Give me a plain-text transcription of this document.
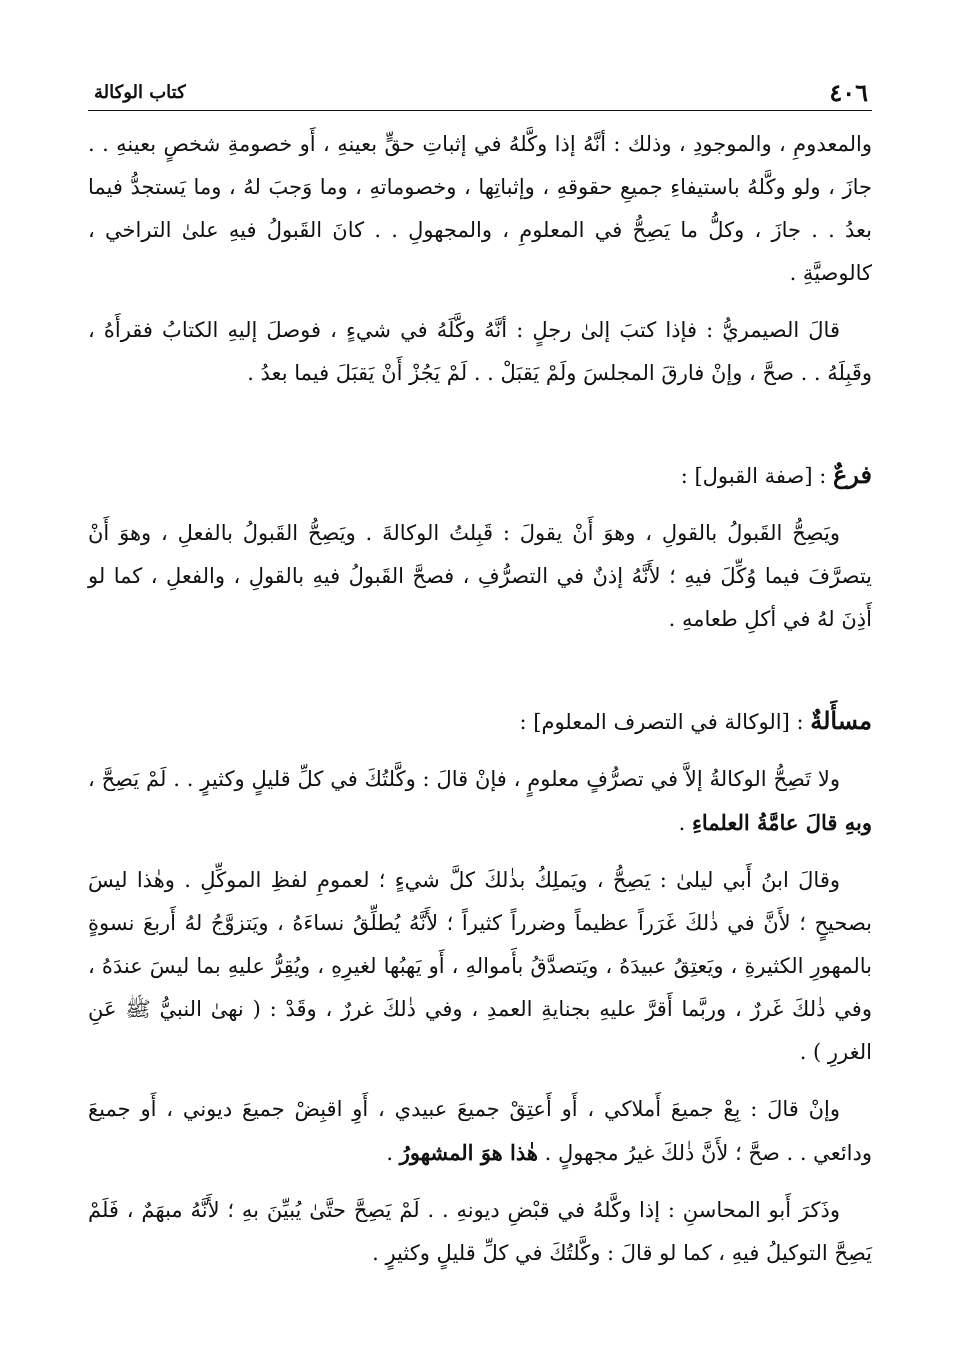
٤٠٦
كتاب الوكالة

والمعدومِ ، والموجودِ ، وذلك : أنَّهُ إذا وكَّلهُ في إثباتِ حقٍّ بعينهِ ، أَو خصومةِ شخصٍ بعينهِ . . جازَ ، ولو وكَّلهُ باستيفاءِ جميعِ حقوقهِ ، وإثباتِها ، وخصوماتهِ ، وما وَجبَ لهُ ، وما يَستجدُّ فيما بعدُ . . جازَ ، وكلُّ ما يَصِحُّ في المعلومِ ، والمجهولِ . . كانَ القَبولُ فيهِ علىٰ التراخي ، كالوصيَّةِ .

قالَ الصيمريُّ : فإذا كتبَ إلىٰ رجلٍ : أنَّهُ وكَّلَهُ في شيءٍ ، فوصلَ إليهِ الكتابُ فقرأَهُ ، وقَبِلَهُ . . صحَّ ، وإنْ فارقَ المجلسَ ولَمْ يَقبَلْ . . لَمْ يَجُزْ أَنْ يَقبَلَ فيما بعدُ .

فرعٌ : [صفة القبول] :

ويَصِحُّ القَبولُ بالقولِ ، وهوَ أَنْ يقولَ : قَبِلتُ الوكالةَ . ويَصِحُّ القَبولُ بالفعلِ ، وهوَ أَنْ يتصرَّفَ فيما وُكِّلَ فيهِ ؛ لأَنَّهُ إذنٌ في التصرُّفِ ، فصحَّ القَبولُ فيهِ بالقولِ ، والفعلِ ، كما لو أَذِنَ لهُ في أكلِ طعامهِ .

مسأَلةٌ : [الوكالة في التصرف المعلوم] :

ولا تَصِحُّ الوكالةُ إلاَّ في تصرُّفٍ معلومٍ ، فإنْ قالَ : وكَّلتُكَ في كلِّ قليلٍ وكثيرٍ . . لَمْ يَصِحَّ ، وبهِ قالَ عامَّةُ العلماءِ .

وقالَ ابنُ أَبي ليلىٰ : يَصِحُّ ، ويَملِكُ بذٰلكَ كلَّ شيءٍ ؛ لعمومِ لفظِ الموكِّلِ . وهٰذا ليسَ بصحيحٍ ؛ لأَنَّ في ذٰلكَ غَرَراً عظيماً وضرراً كثيراً ؛ لأَنَّهُ يُطلِّقُ نساءَهُ ، ويَتزوَّجُ لهُ أَربعَ نسوةٍ بالمهورِ الكثيرةِ ، ويَعتِقُ عبيدَهُ ، ويَتصدَّقُ بأَموالهِ ، أَو يَهبُها لغيرِهِ ، ويُقِرُّ عليهِ بما ليسَ عندَهُ ، وفي ذٰلكَ غَررٌ ، وربَّما أَقرَّ عليهِ بجنايةِ العمدِ ، وفي ذٰلكَ غررٌ ، وقَدْ : ( نهىٰ النبيُّ ﷺ عَنِ الغررِ ) .

وإنْ قالَ : بِعْ جميعَ أَملاكي ، أَو أَعتِقْ جميعَ عبيدي ، أَوِ اقبِضْ جميعَ ديوني ، أَو جميعَ ودائعي . . صحَّ ؛ لأَنَّ ذٰلكَ غيرُ مجهولٍ . هٰذا هوَ المشهورُ .

وذَكرَ أَبو المحاسنِ : إذا وكَّلهُ في قبْضِ ديونهِ . . لَمْ يَصِحَّ حتَّىٰ يُبيِّنَ بهِ ؛ لأَنَّهُ مبهَمٌ ، فَلَمْ يَصِحَّ التوكيلُ فيهِ ، كما لو قالَ : وكَّلتُكَ في كلِّ قليلٍ وكثيرٍ .
